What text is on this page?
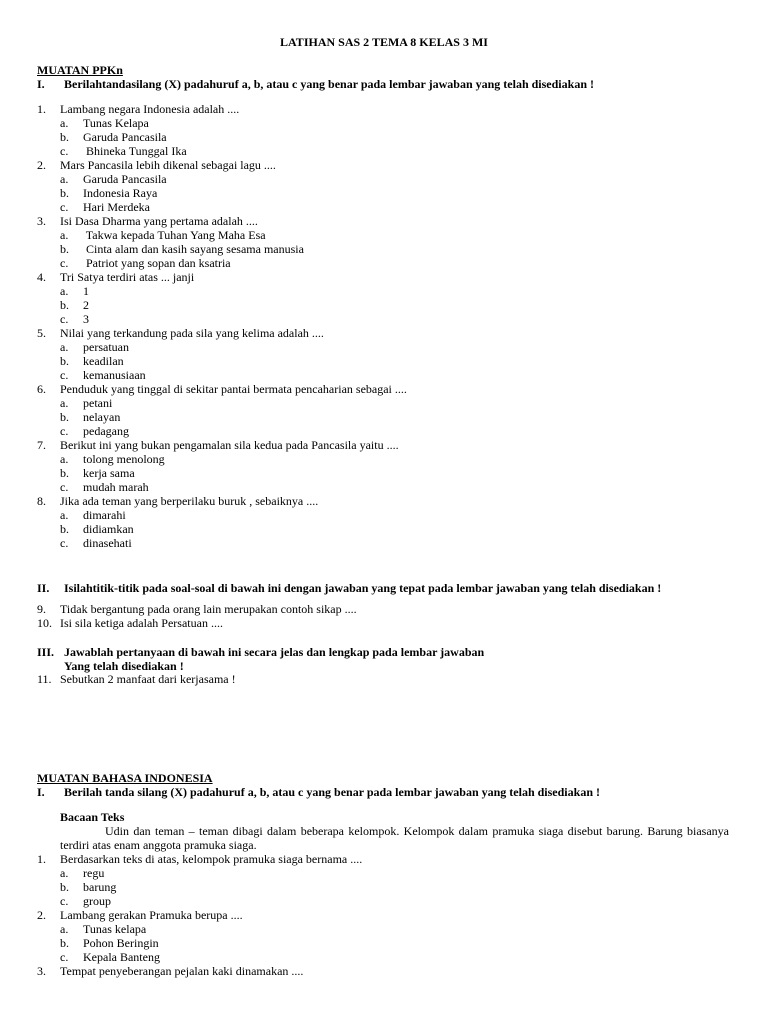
LATIHAN SAS 2 TEMA 8 KELAS 3 MI
MUATAN PPKn
I. Berilahtandasilang (X) padahuruf a, b, atau c yang benar pada lembar jawaban yang telah disediakan !
1. Lambang negara Indonesia adalah ....
a. Tunas Kelapa
b. Garuda Pancasila
c. Bhineka Tunggal Ika
2. Mars Pancasila lebih dikenal sebagai lagu ....
a. Garuda Pancasila
b. Indonesia Raya
c. Hari Merdeka
3. Isi Dasa Dharma yang pertama adalah ....
a. Takwa kepada Tuhan Yang Maha Esa
b. Cinta alam dan kasih sayang sesama manusia
c. Patriot yang sopan dan ksatria
4. Tri Satya terdiri atas ... janji
a. 1
b. 2
c. 3
5. Nilai yang terkandung pada sila yang kelima adalah ....
a. persatuan
b. keadilan
c. kemanusiaan
6. Penduduk yang tinggal di sekitar pantai bermata pencaharian sebagai ....
a. petani
b. nelayan
c. pedagang
7. Berikut ini yang bukan pengamalan sila kedua pada Pancasila yaitu ....
a. tolong menolong
b. kerja sama
c. mudah marah
8. Jika ada teman yang berperilaku buruk , sebaiknya ....
a. dimarahi
b. didiamkan
c. dinasehati
II. Isilahtitik-titik pada soal-soal di bawah ini dengan jawaban yang tepat pada lembar jawaban yang telah disediakan !
9. Tidak bergantung pada orang lain merupakan contoh sikap ....
10. Isi sila ketiga adalah Persatuan ....
III. Jawablah pertanyaan di bawah ini secara jelas dan lengkap pada lembar jawaban
Yang telah disediakan !
11. Sebutkan 2 manfaat dari kerjasama !
MUATAN BAHASA INDONESIA
I. Berilah tanda silang (X) padahuruf a, b, atau c yang benar pada lembar jawaban yang telah disediakan !
Bacaan Teks
Udin dan teman – teman dibagi dalam beberapa kelompok. Kelompok dalam pramuka siaga disebut barung. Barung biasanya terdiri atas enam anggota pramuka siaga.
1. Berdasarkan teks di atas, kelompok pramuka siaga bernama ....
a. regu
b. barung
c. group
2. Lambang gerakan Pramuka berupa ....
a. Tunas kelapa
b. Pohon Beringin
c. Kepala Banteng
3. Tempat penyeberangan pejalan kaki dinamakan ....
